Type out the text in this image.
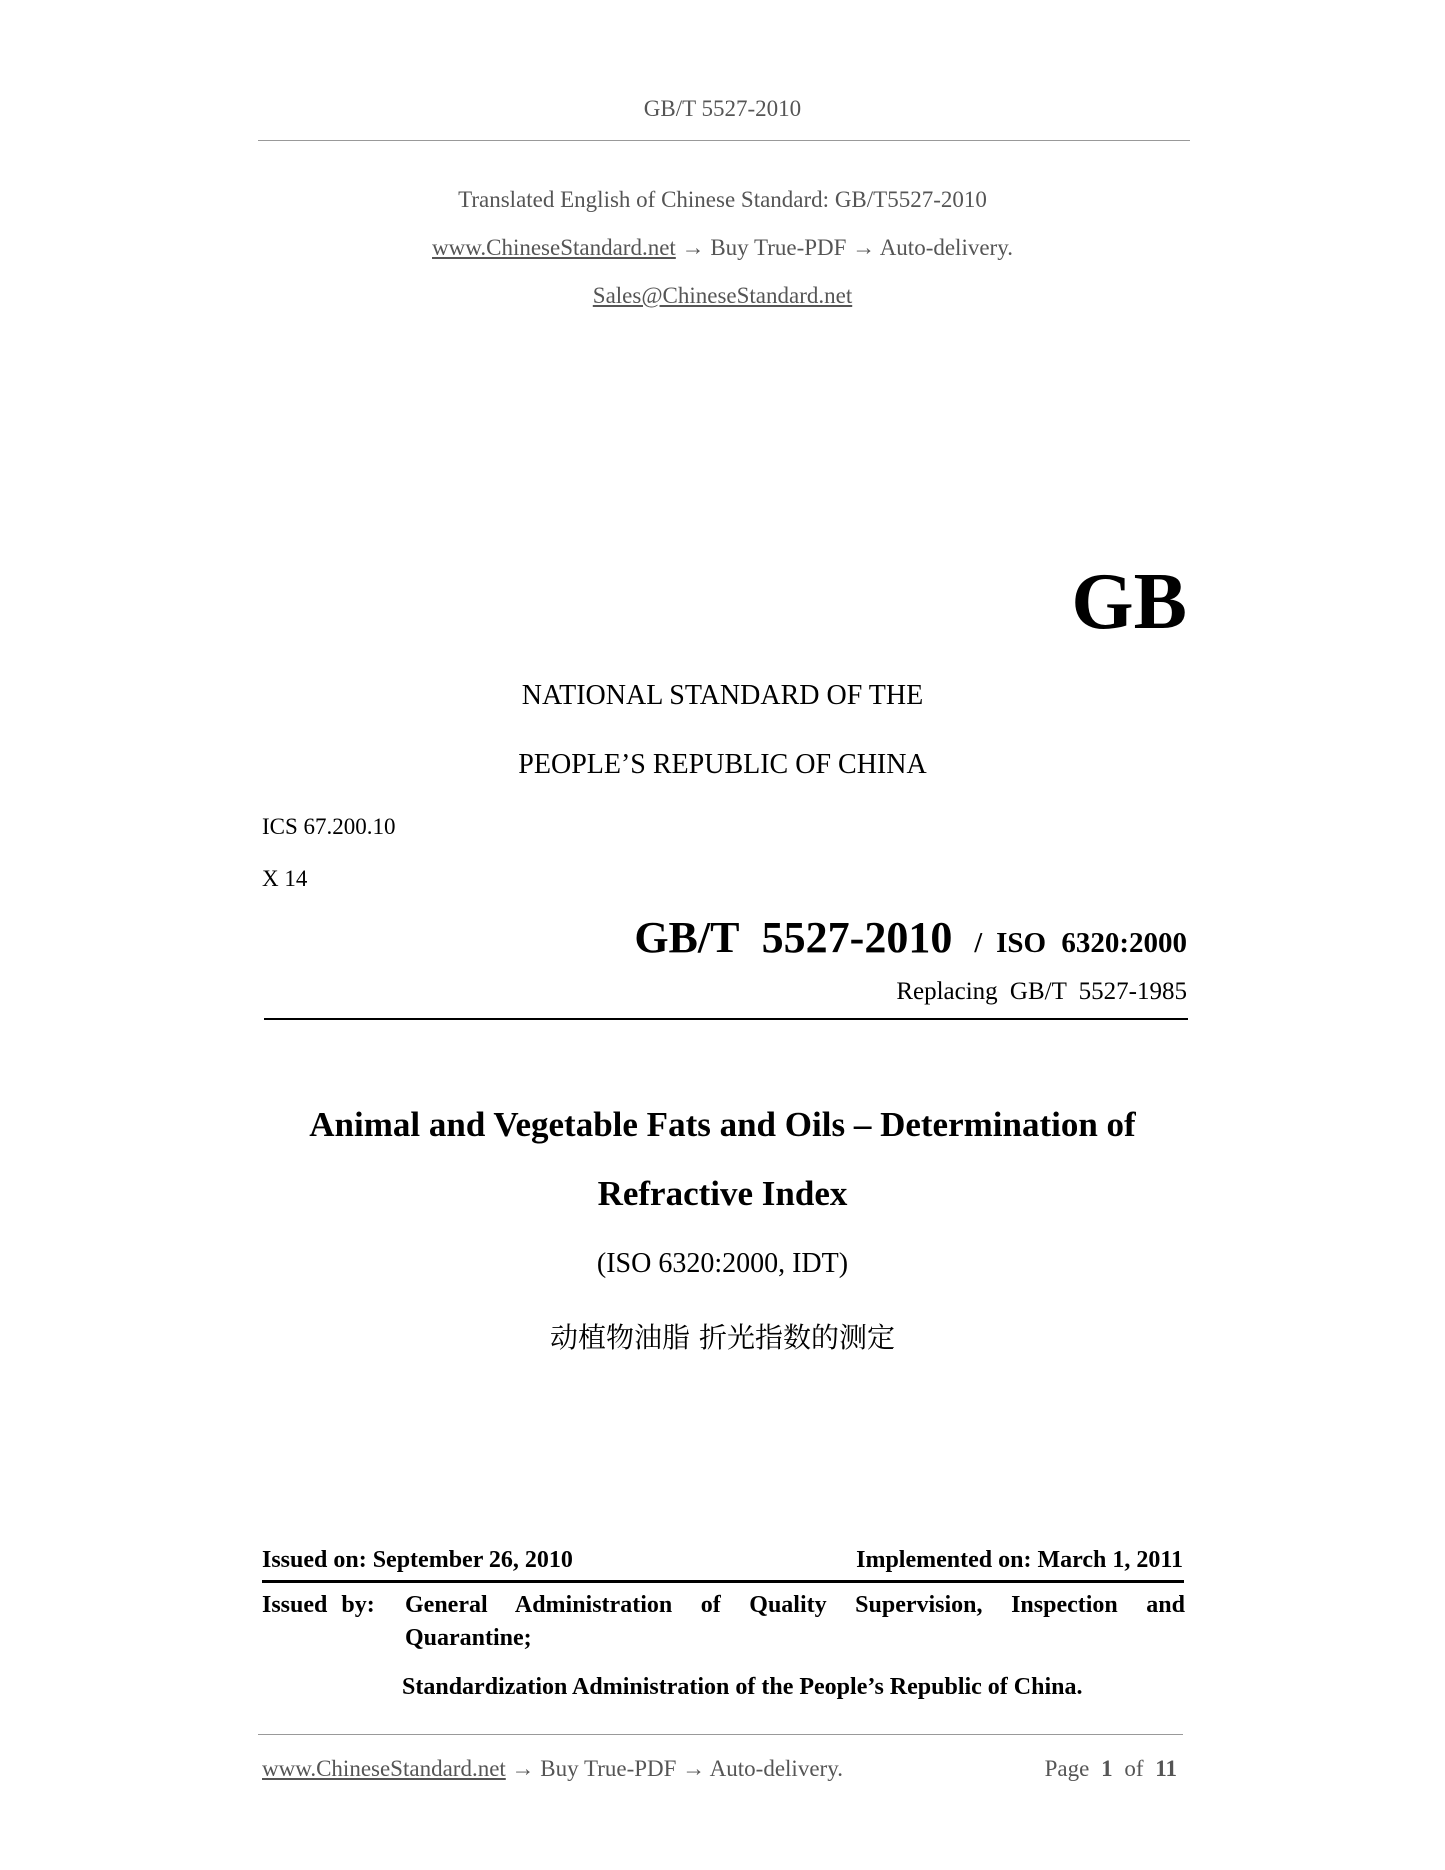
GB/T 5527-2010
Translated English of Chinese Standard: GB/T5527-2010
www.ChineseStandard.net → Buy True-PDF → Auto-delivery.
Sales@ChineseStandard.net
GB
NATIONAL STANDARD OF THE
PEOPLE’S REPUBLIC OF CHINA
ICS 67.200.10
X 14
GB/T 5527-2010 / ISO 6320:2000
Replacing GB/T 5527-1985
Animal and Vegetable Fats and Oils – Determination of
Refractive Index
(ISO 6320:2000, IDT)
动植物油脂 折光指数的测定
Issued on: September 26, 2010	Implemented on: March 1, 2011
Issued by: General Administration of Quality Supervision, Inspection and
Quarantine;
Standardization Administration of the People’s Republic of China.
www.ChineseStandard.net → Buy True-PDF → Auto-delivery.	Page 1 of 11
